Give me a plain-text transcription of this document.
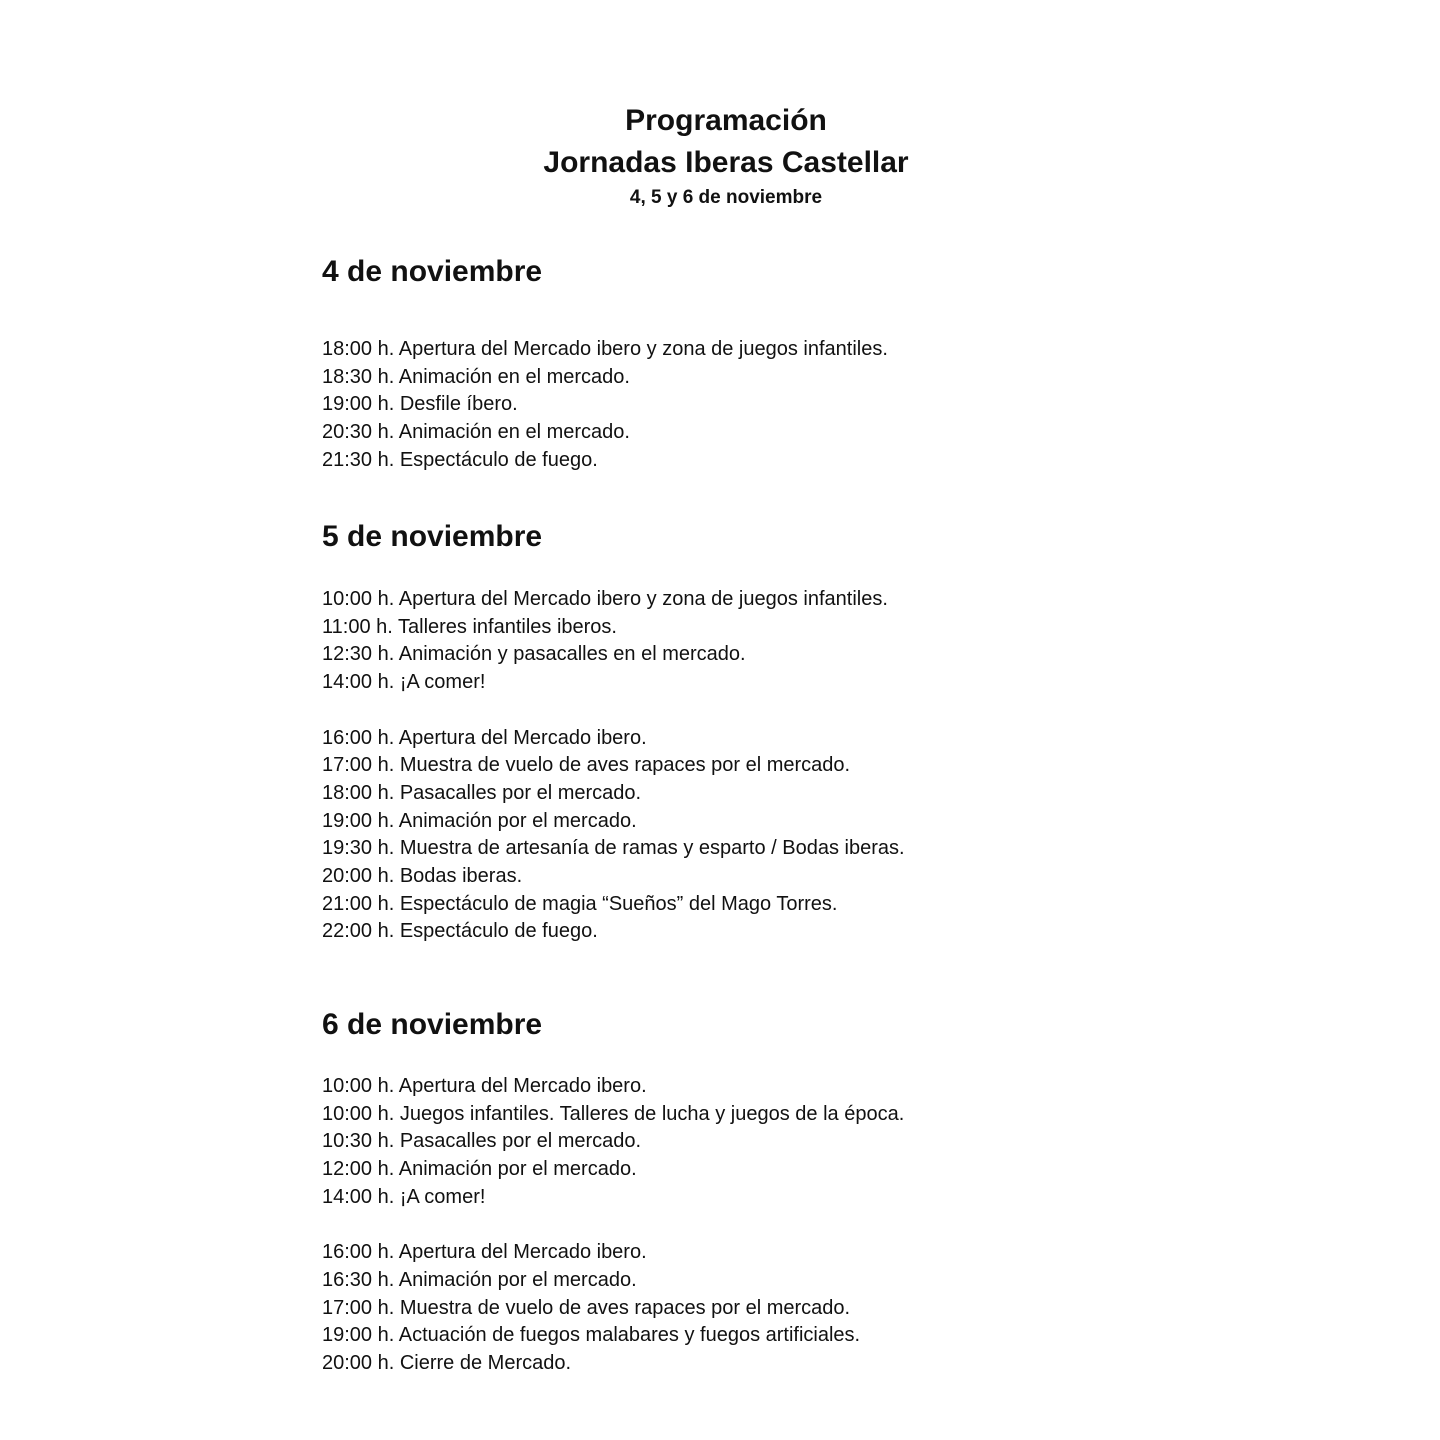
Programación
Jornadas Iberas Castellar
4, 5 y 6 de noviembre
4 de noviembre
18:00 h. Apertura del Mercado ibero y zona de juegos infantiles.
18:30 h. Animación en el mercado.
19:00 h. Desfile íbero.
20:30 h. Animación en el mercado.
21:30 h. Espectáculo de fuego.
5 de noviembre
10:00 h. Apertura del Mercado ibero y zona de juegos infantiles.
11:00 h. Talleres infantiles iberos.
12:30 h. Animación y pasacalles en el mercado.
14:00 h. ¡A comer!
16:00 h. Apertura del Mercado ibero.
17:00 h. Muestra de vuelo de aves rapaces por el mercado.
18:00 h. Pasacalles por el mercado.
19:00 h. Animación por el mercado.
19:30 h. Muestra de artesanía de ramas y esparto / Bodas iberas.
20:00 h. Bodas iberas.
21:00 h. Espectáculo de magia “Sueños” del Mago Torres.
22:00 h. Espectáculo de fuego.
6 de noviembre
10:00 h. Apertura del Mercado ibero.
10:00 h. Juegos infantiles. Talleres de lucha y juegos de la época.
10:30 h. Pasacalles por el mercado.
12:00 h. Animación por el mercado.
14:00 h. ¡A comer!
16:00 h. Apertura del Mercado ibero.
16:30 h. Animación por el mercado.
17:00 h. Muestra de vuelo de aves rapaces por el mercado.
19:00 h. Actuación de fuegos malabares y fuegos artificiales.
20:00 h. Cierre de Mercado.
